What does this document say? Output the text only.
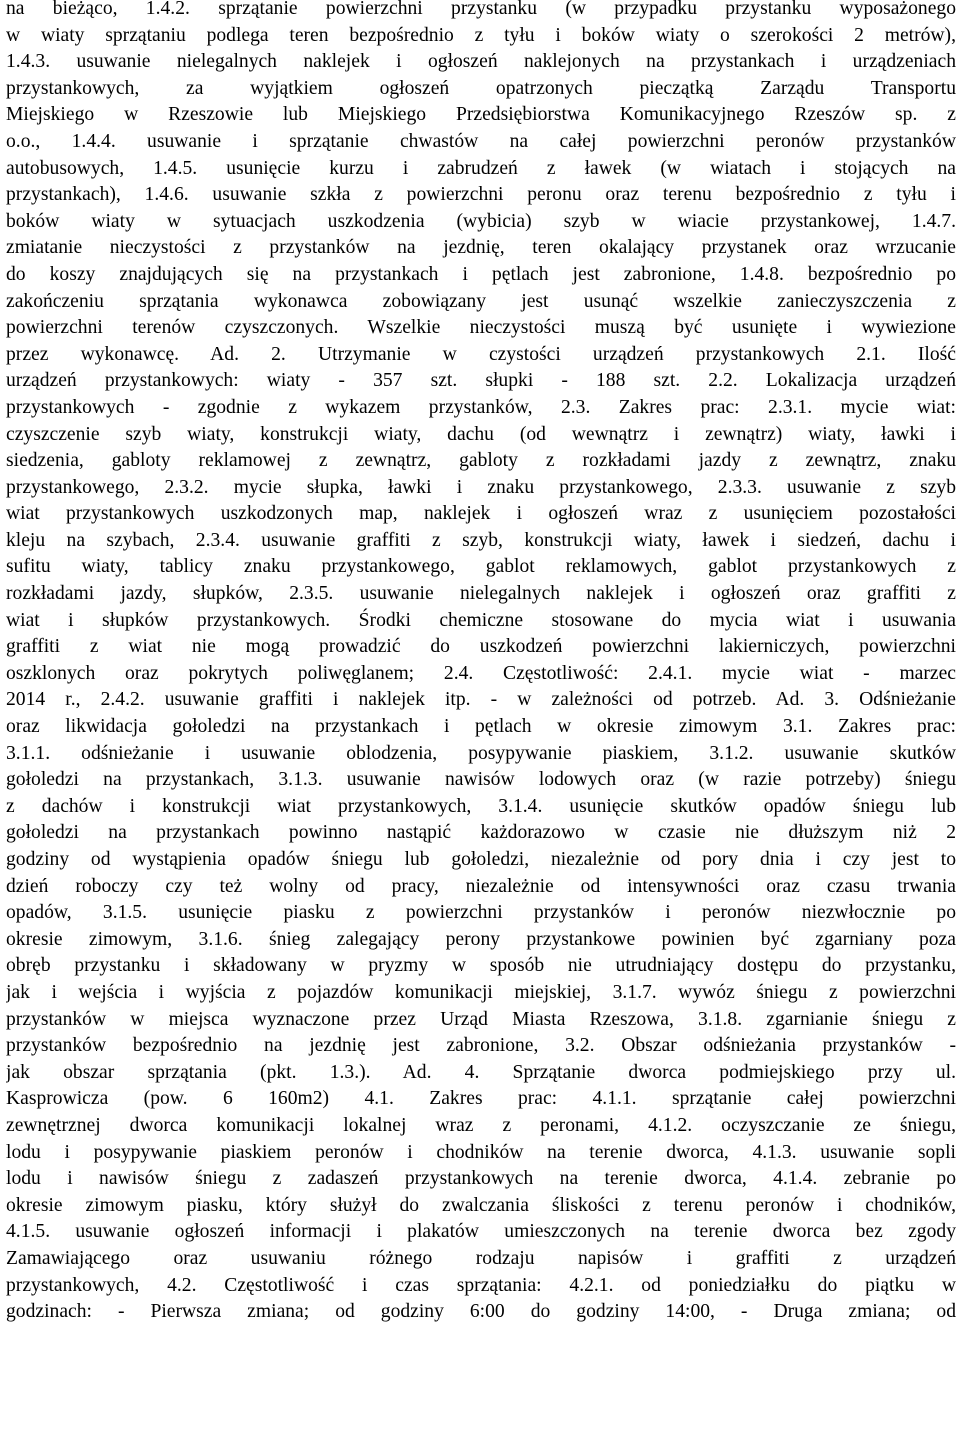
na bieżąco, 1.4.2. sprzątanie powierzchni przystanku (w przypadku przystanku wyposażonego
w wiaty sprzątaniu podlega teren bezpośrednio z tyłu i boków wiaty o szerokości 2 metrów),
1.4.3. usuwanie nielegalnych naklejek i ogłoszeń naklejonych na przystankach i urządzeniach
przystankowych, za wyjątkiem ogłoszeń opatrzonych pieczątką Zarządu Transportu
Miejskiego w Rzeszowie lub Miejskiego Przedsiębiorstwa Komunikacyjnego Rzeszów sp. z
o.o., 1.4.4. usuwanie i sprzątanie chwastów na całej powierzchni peronów przystanków
autobusowych, 1.4.5. usunięcie kurzu i zabrudzeń z ławek (w wiatach i stojących na
przystankach), 1.4.6. usuwanie szkła z powierzchni peronu oraz terenu bezpośrednio z tyłu i
boków wiaty w sytuacjach uszkodzenia (wybicia) szyb w wiacie przystankowej, 1.4.7.
zmiatanie nieczystości z przystanków na jezdnię, teren okalający przystanek oraz wrzucanie
do koszy znajdujących się na przystankach i pętlach jest zabronione, 1.4.8. bezpośrednio po
zakończeniu sprzątania wykonawca zobowiązany jest usunąć wszelkie zanieczyszczenia z
powierzchni terenów czyszczonych. Wszelkie nieczystości muszą być usunięte i wywiezione
przez wykonawcę. Ad. 2. Utrzymanie w czystości urządzeń przystankowych 2.1. Ilość
urządzeń przystankowych: wiaty - 357 szt. słupki - 188 szt. 2.2. Lokalizacja urządzeń
przystankowych - zgodnie z wykazem przystanków, 2.3. Zakres prac: 2.3.1. mycie wiat:
czyszczenie szyb wiaty, konstrukcji wiaty, dachu (od wewnątrz i zewnątrz) wiaty, ławki i
siedzenia, gabloty reklamowej z zewnątrz, gabloty z rozkładami jazdy z zewnątrz, znaku
przystankowego, 2.3.2. mycie słupka, ławki i znaku przystankowego, 2.3.3. usuwanie z szyb
wiat przystankowych uszkodzonych map, naklejek i ogłoszeń wraz z usunięciem pozostałości
kleju na szybach, 2.3.4. usuwanie graffiti z szyb, konstrukcji wiaty, ławek i siedzeń, dachu i
sufitu wiaty, tablicy znaku przystankowego, gablot reklamowych, gablot przystankowych z
rozkładami jazdy, słupków, 2.3.5. usuwanie nielegalnych naklejek i ogłoszeń oraz graffiti z
wiat i słupków przystankowych. Środki chemiczne stosowane do mycia wiat i usuwania
graffiti z wiat nie mogą prowadzić do uszkodzeń powierzchni lakierniczych, powierzchni
oszklonych oraz pokrytych poliwęglanem; 2.4. Częstotliwość: 2.4.1. mycie wiat - marzec
2014 r., 2.4.2. usuwanie graffiti i naklejek itp. - w zależności od potrzeb. Ad. 3. Odśnieżanie
oraz likwidacja gołoledzi na przystankach i pętlach w okresie zimowym 3.1. Zakres prac:
3.1.1. odśnieżanie i usuwanie oblodzenia, posypywanie piaskiem, 3.1.2. usuwanie skutków
gołoledzi na przystankach, 3.1.3. usuwanie nawisów lodowych oraz (w razie potrzeby) śniegu
z dachów i konstrukcji wiat przystankowych, 3.1.4. usunięcie skutków opadów śniegu lub
gołoledzi na przystankach powinno nastąpić każdorazowo w czasie nie dłuższym niż 2
godziny od wystąpienia opadów śniegu lub gołoledzi, niezależnie od pory dnia i czy jest to
dzień roboczy czy też wolny od pracy, niezależnie od intensywności oraz czasu trwania
opadów, 3.1.5. usunięcie piasku z powierzchni przystanków i peronów niezwłocznie po
okresie zimowym, 3.1.6. śnieg zalegający perony przystankowe powinien być zgarniany poza
obręb przystanku i składowany w pryzmy w sposób nie utrudniający dostępu do przystanku,
jak i wejścia i wyjścia z pojazdów komunikacji miejskiej, 3.1.7. wywóz śniegu z powierzchni
przystanków w miejsca wyznaczone przez Urząd Miasta Rzeszowa, 3.1.8. zgarnianie śniegu z
przystanków bezpośrednio na jezdnię jest zabronione, 3.2. Obszar odśnieżania przystanków -
jak obszar sprzątania (pkt. 1.3.). Ad. 4. Sprzątanie dworca podmiejskiego przy ul.
Kasprowicza (pow. 6 160m2) 4.1. Zakres prac: 4.1.1. sprzątanie całej powierzchni
zewnętrznej dworca komunikacji lokalnej wraz z peronami, 4.1.2. oczyszczanie ze śniegu,
lodu i posypywanie piaskiem peronów i chodników na terenie dworca, 4.1.3. usuwanie sopli
lodu i nawisów śniegu z zadaszeń przystankowych na terenie dworca, 4.1.4. zebranie po
okresie zimowym piasku, który służył do zwalczania śliskości z terenu peronów i chodników,
4.1.5. usuwanie ogłoszeń informacji i plakatów umieszczonych na terenie dworca bez zgody
Zamawiającego oraz usuwaniu różnego rodzaju napisów i graffiti z urządzeń
przystankowych, 4.2. Częstotliwość i czas sprzątania: 4.2.1. od poniedziałku do piątku w
godzinach: - Pierwsza zmiana; od godziny 6:00 do godziny 14:00, - Druga zmiana; od
